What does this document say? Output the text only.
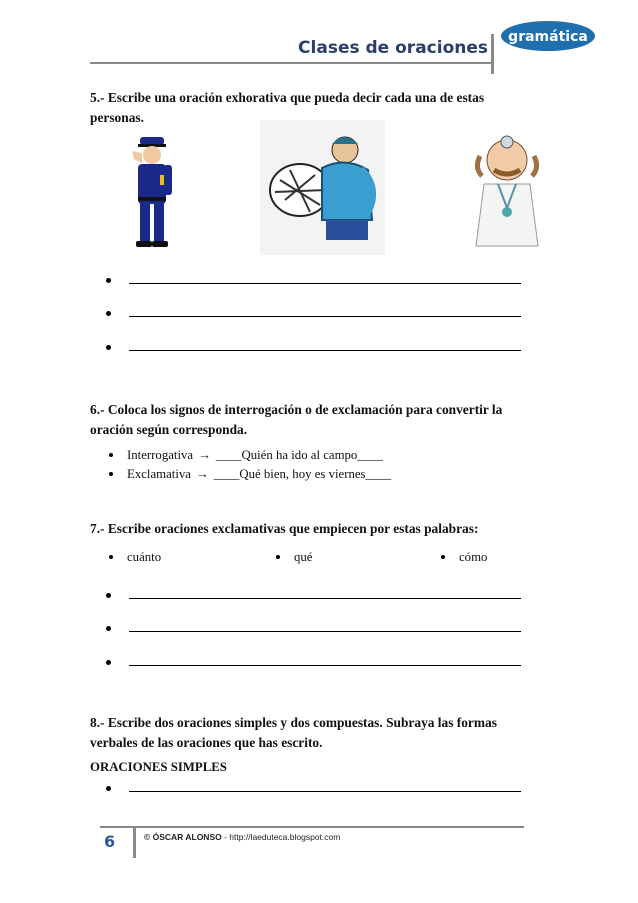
Clases de oraciones
gramática
5.- Escribe una oración exhorativa que pueda decir cada una de estas personas.
6.- Coloca los signos de interrogación o de exclamación para convertir la oración según corresponda.
Interrogativa → ____Quién ha ido al campo____
Exclamativa → ____Qué bien, hoy es viernes____
7.- Escribe oraciones exclamativas que empiecen por estas palabras:
cuánto	qué	cómo
8.- Escribe dos oraciones simples y dos compuestas. Subraya las formas verbales de las oraciones que has escrito.
ORACIONES SIMPLES
6	© ÓSCAR ALONSO - http://laeduteca.blogspot.com
